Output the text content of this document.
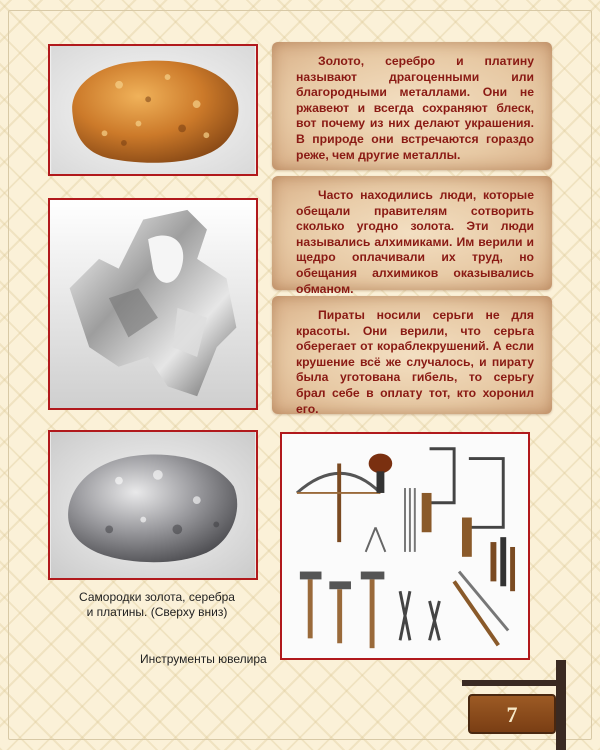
Золото, серебро и платину называют драгоценными или благородными металлами. Они не ржавеют и всегда сохраняют блеск, вот почему из них делают украшения. В природе они встречаются гораздо реже, чем другие металлы.

Часто находились люди, которые обещали правителям сотворить сколько угодно золота. Эти люди назывались алхимиками. Им верили и щедро оплачивали их труд, но обещания алхимиков оказывались обманом.

Пираты носили серьги не для красоты. Они верили, что серьга оберегает от кораблекрушений. А если крушение всё же случалось, и пирату была уготована гибель, то серьгу брал себе в оплату тот, кто хоронил его.

Самородки золота, серебра
и платины. (Сверху вниз)
Инструменты ювелира
7
